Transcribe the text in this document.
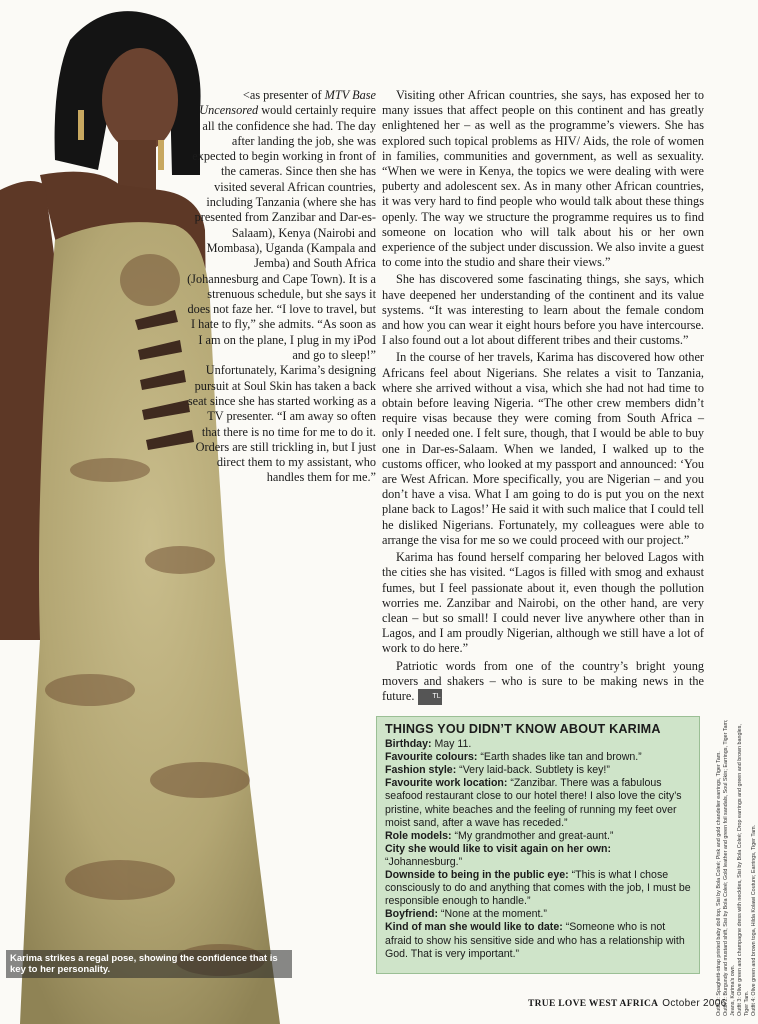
Karima strikes a regal pose, showing the confidence that is key to her personality.

<as presenter of MTV Base Uncensored would certainly require all the confidence she had. The day after landing the job, she was expected to begin working in front of the cameras. Since then she has visited several African countries, including Tanzania (where she has presented from Zanzibar and Dar-es-Salaam), Kenya (Nairobi and Mombasa), Uganda (Kampala and Jemba) and South Africa (Johannesburg and Cape Town). It is a strenuous schedule, but she says it does not faze her. “I love to travel, but I hate to fly,” she admits. “As soon as I am on the plane, I plug in my iPod and go to sleep!”

Unfortunately, Karima’s designing pursuit at Soul Skin has taken a back seat since she has started working as a TV presenter. “I am away so often that there is no time for me to do it. Orders are still trickling in, but I just direct them to my assistant, who handles them for me.”

Visiting other African countries, she says, has exposed her to many issues that affect people on this continent and has greatly enlightened her – as well as the programme’s viewers. She has explored such topical problems as HIV/ Aids, the role of women in families, communities and government, as well as sexuality. “When we were in Kenya, the topics we were dealing with were puberty and adolescent sex. As in many other African countries, it was very hard to find people who would talk about these things openly. The way we structure the programme requires us to find someone on location who will talk about his or her own experience of the subject under discussion. We also invite a guest to come into the studio and share their views.”

She has discovered some fascinating things, she says, which have deepened her understanding of the continent and its value systems. “It was interesting to learn about the female condom and how you can wear it eight hours before you have intercourse. I also found out a lot about different tribes and their customs.”

In the course of her travels, Karima has discovered how other Africans feel about Nigerians. She relates a visit to Tanzania, where she arrived without a visa, which she had not had time to obtain before leaving Nigeria. “The other crew members didn’t require visas because they were coming from South Africa – only I needed one. I felt sure, though, that I would be able to buy one in Dar-es-Salaam. When we landed, I walked up to the customs officer, who looked at my passport and announced: ‘You are West African. More specifically, you are Nigerian – and you don’t have a visa. What I am going to do is put you on the next plane back to Lagos!’ He said it with such malice that I could tell he disliked Nigerians. Fortunately, my colleagues were able to arrange the visa for me so we could proceed with our project.”

Karima has found herself comparing her beloved Lagos with the cities she has visited. “Lagos is filled with smog and exhaust fumes, but I feel passionate about it, even though the pollution worries me. Zanzibar and Nairobi, on the other hand, are very clean – but so small! I could never live anywhere other than in Lagos, and I am proudly Nigerian, although we still have a lot of work to do here.”

Patriotic words from one of the country’s bright young movers and shakers – who is sure to be making news in the future.	TL

THINGS YOU DIDN’T KNOW ABOUT KARIMA

Birthday: May 11.

Favourite colours: “Earth shades like tan and brown.”

Fashion style: “Very laid-back. Subtlety is key!”

Favourite work location: “Zanzibar. There was a fabulous seafood restaurant close to our hotel there! I also love the city’s pristine, white beaches and the feeling of running my feet over moist sand, after a wave has receded.”

Role models: “My grandmother and great-aunt.”

City she would like to visit again on her own: “Johannesburg.”

Downside to being in the public eye: “This is what I chose consciously to do and anything that comes with the job, I must be responsible enough to handle.”

Boyfriend: “None at the moment.”

Kind of man she would like to date: “Someone who is not afraid to show his sensitive side and who has a relationship with God. That is very important.”	Outfit 1: Spaghetti-strap printed baby doll top, Sisi by Bola Coleé; Pink and gold chandelier earrings, Tiger Tam. Outfit 2: Burgundy and mustard shift, Sisi by Bola Coleé; Gold leather and green foil sandals, Soul Skin; Earrings, Tiger Tam; Jeans, Karima’s own. Outfit 3: Olive green and champagne dress with neckties, Sisi by Bola Coleé; Drop earrings and green and brown bangles, Tiger Tam. Outfit 4: Olive green and brown toga, Hilda Kolawi Couture; Earrings, Tiger Tam.
TRUE LOVE WEST AFRICA October 2006
